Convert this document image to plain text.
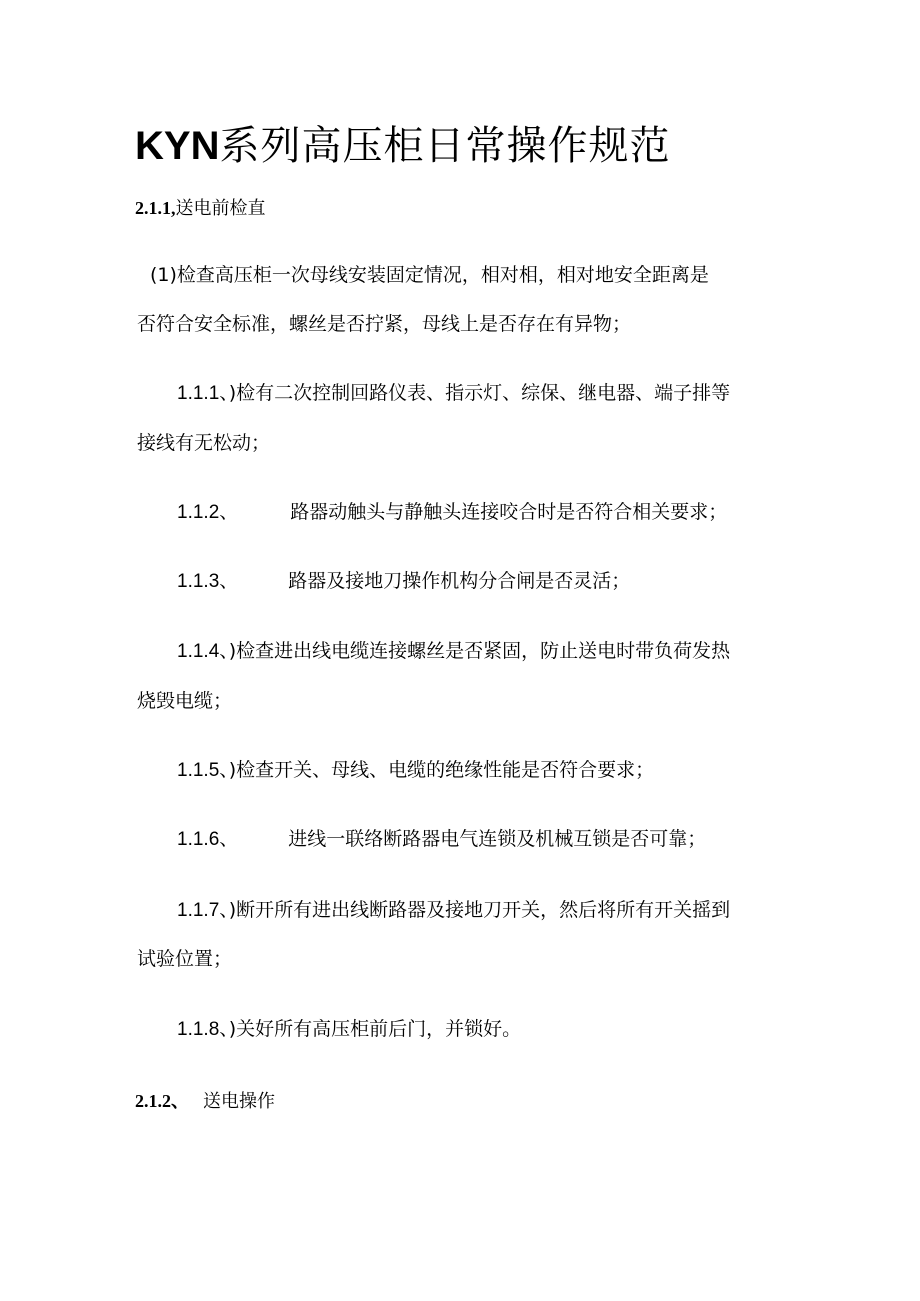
KYN系列高压柜日常操作规范
2.1.1,送电前检直
(1)检查高压柜一次母线安装固定情况，相对相，相对地安全距离是
否符合安全标准，螺丝是否拧紧，母线上是否存在有异物；
1.1.1、)检有二次控制回路仪表、指示灯、综保、继电器、端子排等
接线有无松动；
1.1.2、	路器动触头与静触头连接咬合时是否符合相关要求；
1.1.3、	路器及接地刀操作机构分合闸是否灵活；
1.1.4、)检查进出线电缆连接螺丝是否紧固，防止送电时带负荷发热
烧毁电缆；
1.1.5、)检查开关、母线、电缆的绝缘性能是否符合要求；
1.1.6、	进线一联络断路器电气连锁及机械互锁是否可靠；
1.1.7、)断开所有进出线断路器及接地刀开关，然后将所有开关摇到
试验位置；
1.1.8、)关好所有高压柜前后门，并锁好。
2.1.2、 送电操作
